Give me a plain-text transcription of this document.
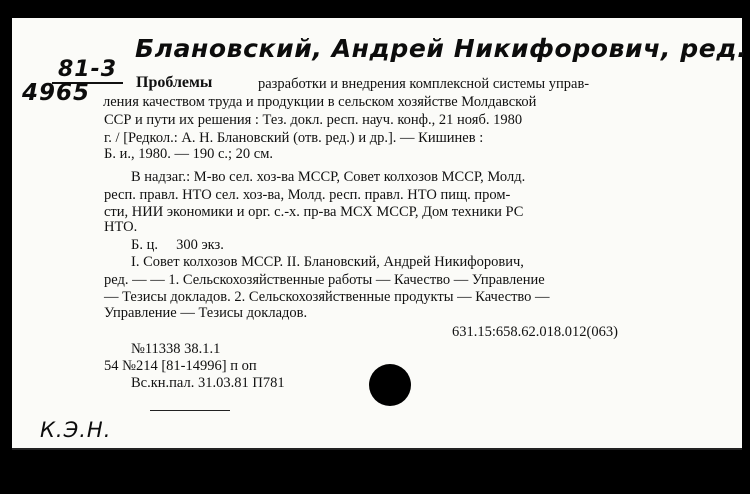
81-3
4965
Блановский, Андрей Никифорович, ред.
Проблемы	разработки и внедрения комплексной системы управ-
ления качеством труда и продукции в сельском хозяйстве Молдавской
ССР и пути их решения : Тез. докл. респ. науч. конф., 21 нояб. 1980
г. / [Редкол.: А. Н. Блановский (отв. ред.) и др.]. — Кишинев :
Б. и., 1980. — 190 с.; 20 см.
В надзаг.: М-во сел. хоз-ва МССР, Совет колхозов МССР, Молд.
респ. правл. НТО сел. хоз-ва, Молд. респ. правл. НТО пищ. пром-
сти, НИИ экономики и орг. с.-х. пр-ва МСХ МССР, Дом техники РС
НТО.
Б. ц.     300 экз.
I. Совет колхозов МССР. II. Блановский, Андрей Никифорович,
ред. — — 1. Сельскохозяйственные работы — Качество — Управление
— Тезисы докладов. 2. Сельскохозяйственные продукты — Качество —
Управление — Тезисы докладов.
631.15:658.62.018.012(063)
№11338 38.1.1
54 №214 [81-14996] п оп
Вс.кн.пал. 31.03.81 П781
К.Э.Н.
